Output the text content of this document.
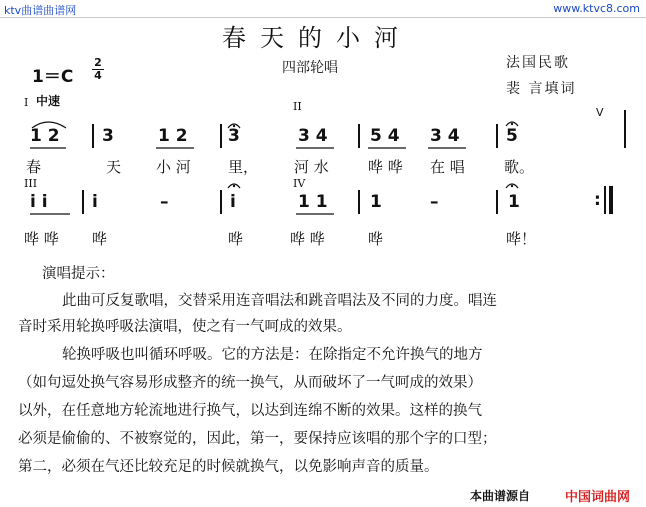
ktv曲谱曲谱网	www.ktvc8.com
春天的小河
四部轮唱	法国民歌
裴 言填词
1＝C
2
4
中速
I	II	V
1 2 3	1 2 3	3 4 5 4 3 4	5
春	天 小 河 里， 河 水	哗 哗 在 唱	歌。
III	IV
i i	i	–	i	1 1 1	–	1	:
哗 哗 哗	哗	哗 哗	哗	哗！
演唱提示：
此曲可反复歌唱，交替采用连音唱法和跳音唱法及不同的力度。唱连
音时采用轮换呼吸法演唱，使之有一气呵成的效果。
轮换呼吸也叫循环呼吸。它的方法是：在除指定不允许换气的地方
（如句逗处换气容易形成整齐的统一换气，从而破坏了一气呵成的效果）
以外，在任意地方轮流地进行换气，以达到连绵不断的效果。这样的换气
必须是偷偷的、不被察觉的，因此，第一，要保持应该唱的那个字的口型；
第二，必须在气还比较充足的时候就换气，以免影响声音的质量。
本曲谱源自	中国词曲网
